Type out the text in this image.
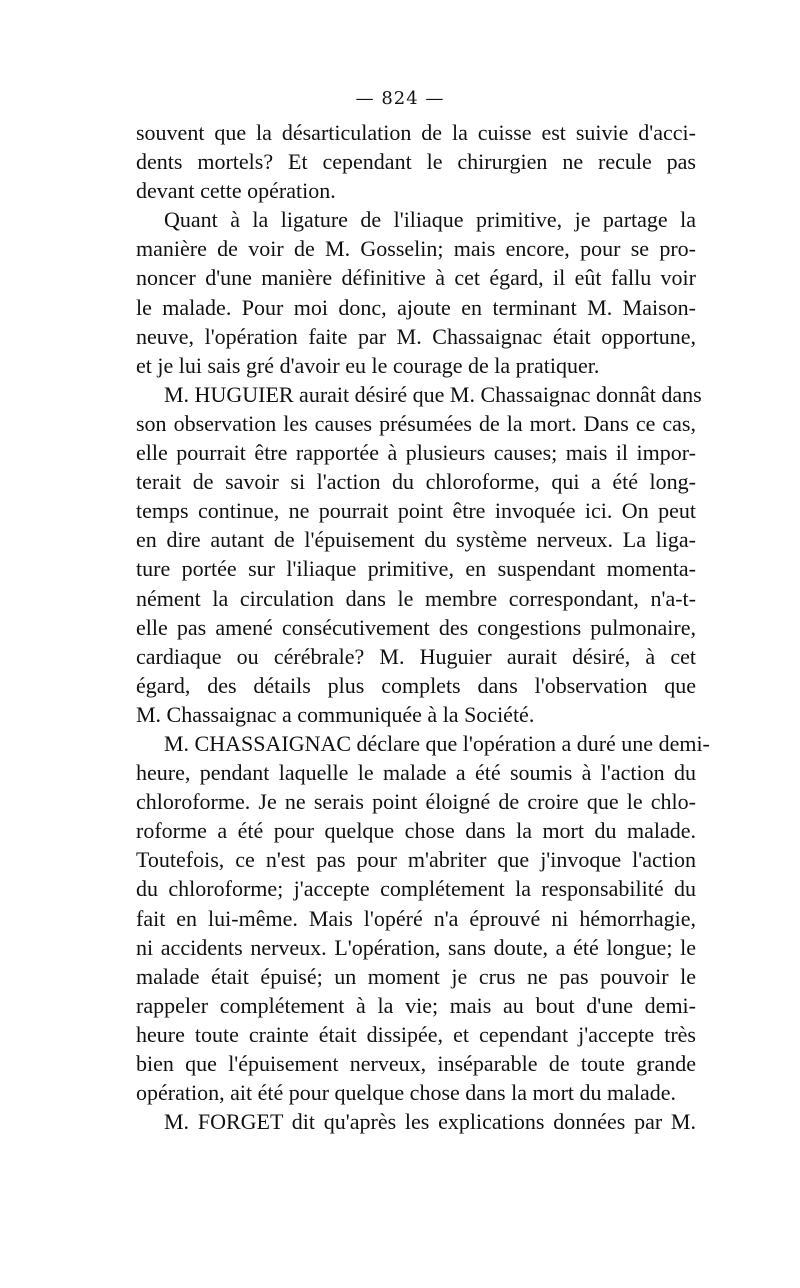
— 824 —
souvent que la désarticulation de la cuisse est suivie d'acci-
dents mortels? Et cependant le chirurgien ne recule pas
devant cette opération.
Quant à la ligature de l'iliaque primitive, je partage la
manière de voir de M. Gosselin; mais encore, pour se pro-
noncer d'une manière définitive à cet égard, il eût fallu voir
le malade. Pour moi donc, ajoute en terminant M. Maison-
neuve, l'opération faite par M. Chassaignac était opportune,
et je lui sais gré d'avoir eu le courage de la pratiquer.
M. HUGUIER aurait désiré que M. Chassaignac donnât dans
son observation les causes présumées de la mort. Dans ce cas,
elle pourrait être rapportée à plusieurs causes; mais il impor-
terait de savoir si l'action du chloroforme, qui a été long-
temps continue, ne pourrait point être invoquée ici. On peut
en dire autant de l'épuisement du système nerveux. La liga-
ture portée sur l'iliaque primitive, en suspendant momenta-
nément la circulation dans le membre correspondant, n'a-t-
elle pas amené consécutivement des congestions pulmonaire,
cardiaque ou cérébrale? M. Huguier aurait désiré, à cet
égard, des détails plus complets dans l'observation que
M. Chassaignac a communiquée à la Société.
M. CHASSAIGNAC déclare que l'opération a duré une demi-
heure, pendant laquelle le malade a été soumis à l'action du
chloroforme. Je ne serais point éloigné de croire que le chlo-
roforme a été pour quelque chose dans la mort du malade.
Toutefois, ce n'est pas pour m'abriter que j'invoque l'action
du chloroforme; j'accepte complétement la responsabilité du
fait en lui-même. Mais l'opéré n'a éprouvé ni hémorrhagie,
ni accidents nerveux. L'opération, sans doute, a été longue; le
malade était épuisé; un moment je crus ne pas pouvoir le
rappeler complétement à la vie; mais au bout d'une demi-
heure toute crainte était dissipée, et cependant j'accepte très
bien que l'épuisement nerveux, inséparable de toute grande
opération, ait été pour quelque chose dans la mort du malade.
M. FORGET dit qu'après les explications données par M.
